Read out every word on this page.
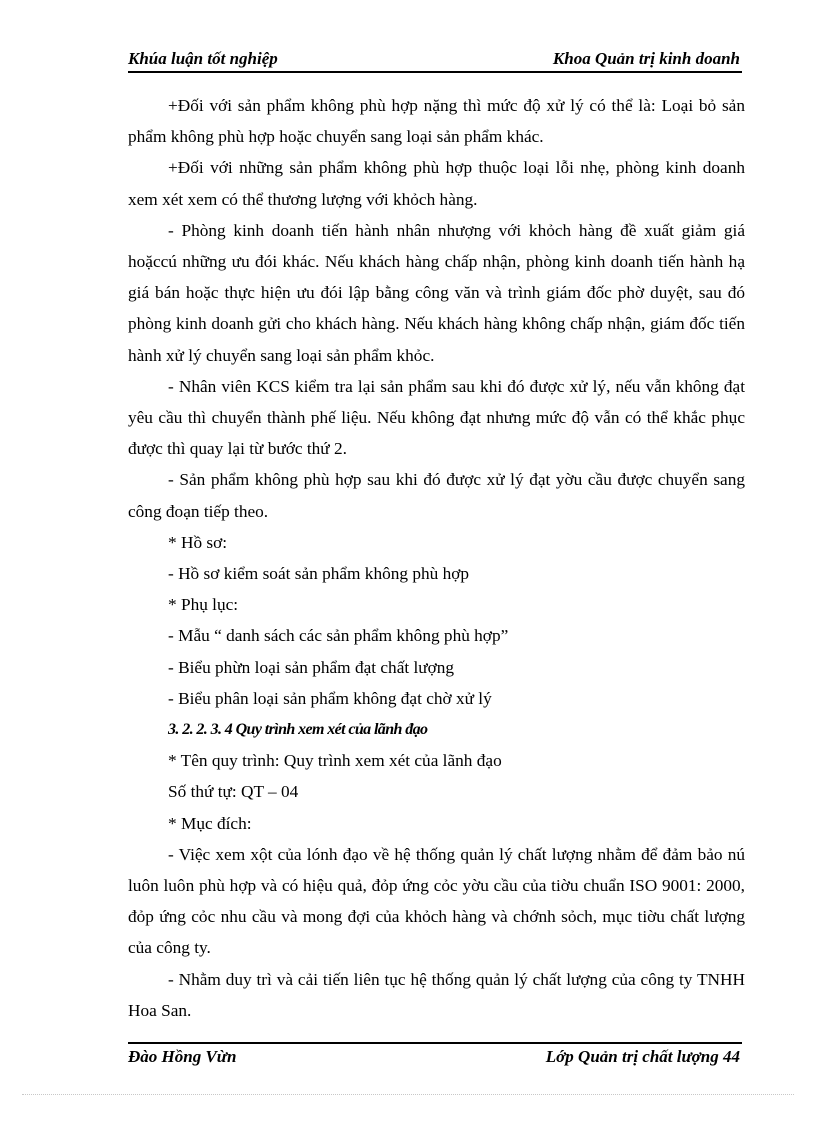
Khúa luận tốt nghiệp	Khoa Quản trị kinh doanh

+Đối với sản phẩm không phù hợp nặng thì mức độ xử lý có thể là: Loại bỏ sản phẩm không phù hợp hoặc chuyển sang loại sản phẩm khác.

+Đối với những sản phẩm không phù hợp thuộc loại lỗi nhẹ, phòng kinh doanh xem xét xem có thể thương lượng với khỏch hàng.

- Phòng kinh doanh tiến hành nhân nhượng với khỏch hàng đề xuất giảm giá hoặccú những ưu đói khác. Nếu khách hàng chấp nhận, phòng kinh doanh tiến hành hạ giá bán hoặc thực hiện ưu đói lập bằng công văn và trình giám đốc phờ duyệt, sau đó phòng kinh doanh gửi cho khách hàng. Nếu khách hàng không chấp nhận, giám đốc tiến hành xử lý chuyển sang loại sản phẩm khỏc.

- Nhân viên KCS kiểm tra lại sản phẩm sau khi đó được xử lý, nếu vẫn không đạt yêu cầu thì chuyển thành phế liệu. Nếu không đạt nhưng mức độ vẫn có thể khắc phục được thì quay lại từ bước thứ 2.

- Sản phẩm không phù hợp sau khi đó được xử lý đạt yờu cầu được chuyển sang công đoạn tiếp theo.

* Hồ sơ:

- Hồ sơ kiểm soát sản phẩm không phù hợp

* Phụ lục:

- Mẫu “ danh sách các sản phẩm không phù hợp”

- Biểu phừn loại sản phẩm đạt chất lượng

- Biểu phân loại sản phẩm không đạt chờ xử lý

3. 2. 2. 3. 4 Quy trình xem xét của lãnh đạo

* Tên quy trình: Quy trình xem xét của lãnh đạo

Số thứ tự: QT – 04

* Mục đích:

- Việc xem xột của lónh đạo về hệ thống quản lý chất lượng nhằm để đảm bảo nú luôn luôn phù hợp và có hiệu quả, đỏp ứng cỏc yờu cầu của tiờu chuẩn ISO 9001: 2000, đỏp ứng cỏc nhu cầu và mong đợi của khỏch hàng và chớnh sỏch, mục tiờu chất lượng của công ty.

- Nhằm duy trì và cải tiến liên tục hệ thống quản lý chất lượng của công ty TNHH Hoa San.

Đào Hồng Vừn	Lớp Quản trị chất lượng 44
